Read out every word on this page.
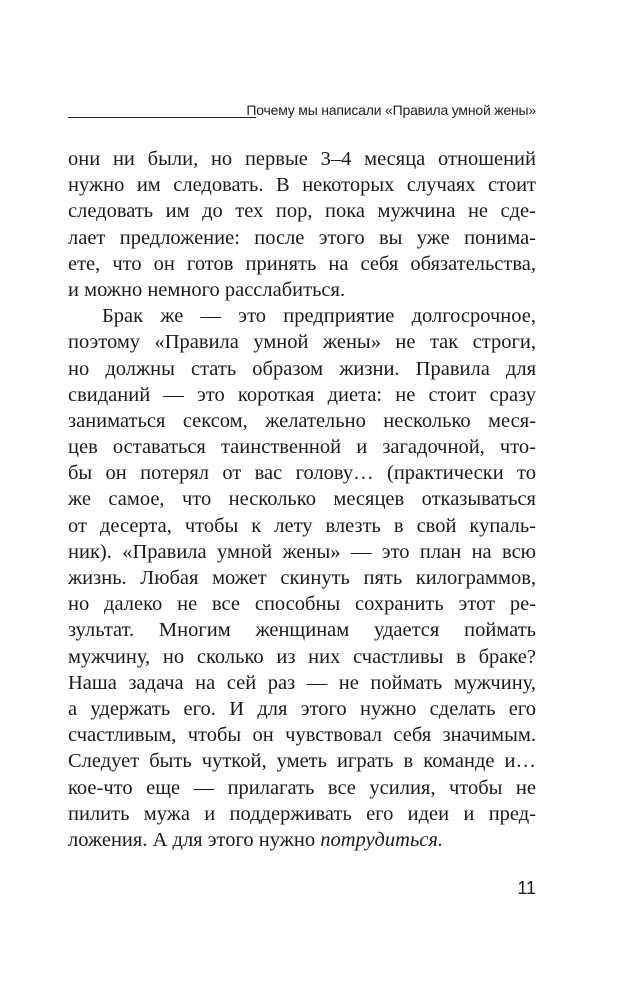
Почему мы написали «Правила умной жены»
они ни были, но первые 3–4 месяца отношений
нужно им следовать. В некоторых случаях стоит
следовать им до тех пор, пока мужчина не сде-
лает предложение: после этого вы уже понима-
ете, что он готов принять на себя обязательства,
и можно немного расслабиться.
Брак же — это предприятие долгосрочное,
поэтому «Правила умной жены» не так строги,
но должны стать образом жизни. Правила для
свиданий — это короткая диета: не стоит сразу
заниматься сексом, желательно несколько меся-
цев оставаться таинственной и загадочной, что-
бы он потерял от вас голову… (практически то
же самое, что несколько месяцев отказываться
от десерта, чтобы к лету влезть в свой купаль-
ник). «Правила умной жены» — это план на всю
жизнь. Любая может скинуть пять килограммов,
но далеко не все способны сохранить этот ре-
зультат. Многим женщинам удается поймать
мужчину, но сколько из них счастливы в браке?
Наша задача на сей раз — не поймать мужчину,
а удержать его. И для этого нужно сделать его
счастливым, чтобы он чувствовал себя значимым.
Следует быть чуткой, уметь играть в команде и…
кое-что еще — прилагать все усилия, чтобы не
пилить мужа и поддерживать его идеи и пред-
ложения. А для этого нужно потрудиться.
11
